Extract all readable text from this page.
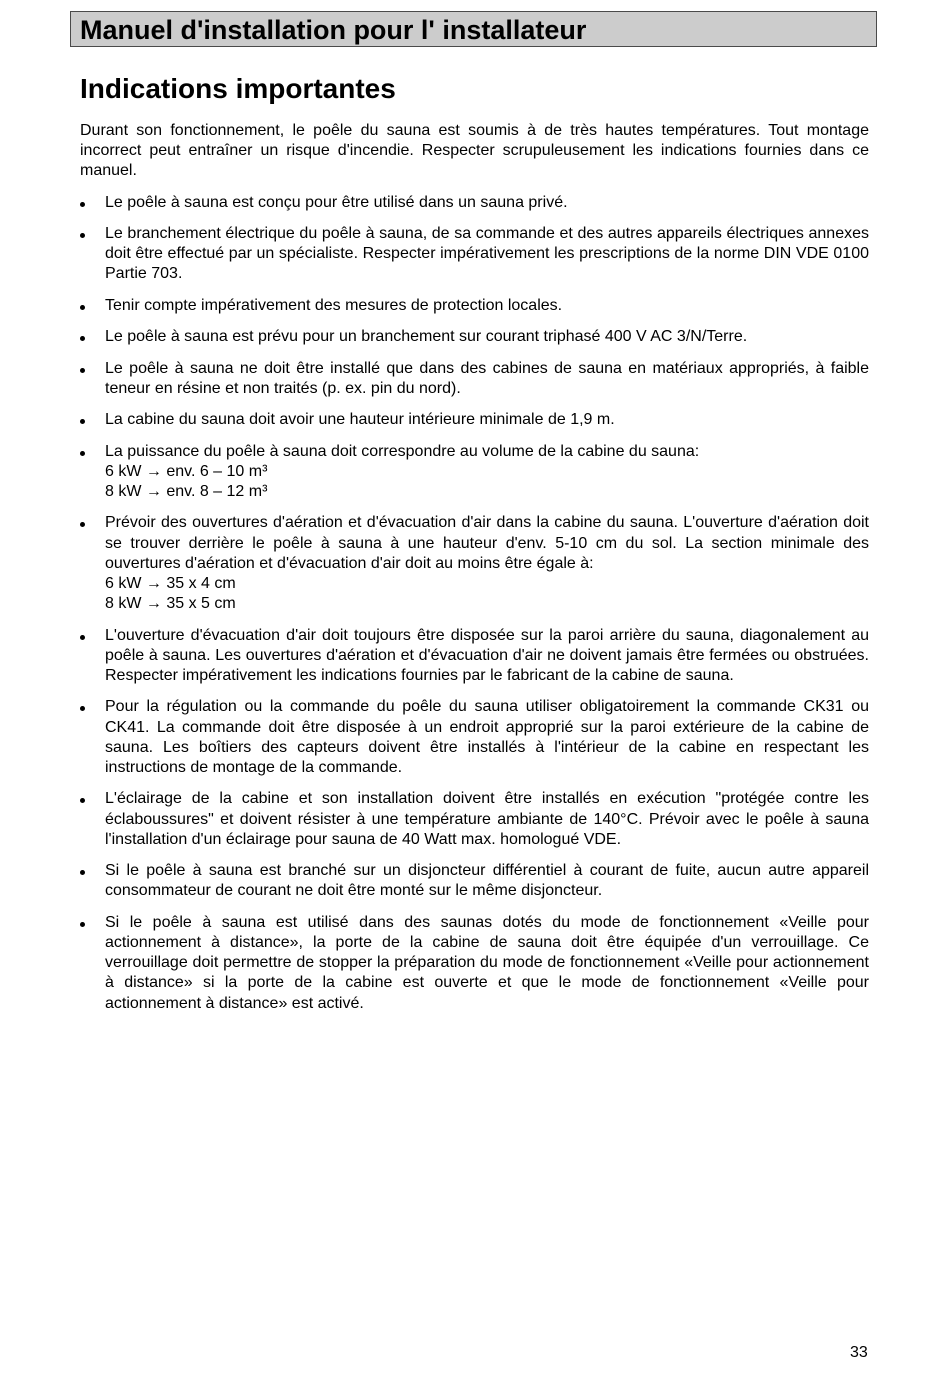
Manuel d'installation pour l' installateur
Indications importantes

Durant son fonctionnement, le poêle du sauna est soumis à de très hautes températures. Tout montage incorrect peut entraîner un risque d'incendie. Respecter scrupuleusement les indications fournies dans ce manuel.

Le poêle à sauna est conçu pour être utilisé dans un sauna privé.
Le branchement électrique du poêle à sauna, de sa commande et des autres appareils électriques annexes doit être effectué par un spécialiste. Respecter impérativement les prescriptions de la norme DIN VDE 0100 Partie 703.
Tenir compte impérativement des mesures de protection locales.
Le poêle à sauna est prévu pour un branchement sur courant triphasé 400 V AC 3/N/Terre.
Le poêle à sauna ne doit être installé que dans des cabines de sauna en matériaux appropriés, à faible teneur en résine et non traités (p. ex. pin du nord).
La cabine du sauna doit avoir une hauteur intérieure minimale de 1,9 m.
La puissance du poêle à sauna doit correspondre au volume de la cabine du sauna:
6 kW → env. 6 – 10 m³
8 kW → env. 8 – 12 m³
Prévoir des ouvertures d'aération et d'évacuation d'air dans la cabine du sauna. L'ouverture d'aération doit se trouver derrière le poêle à sauna à une hauteur d'env. 5-10 cm du sol. La section minimale des ouvertures d'aération et d'évacuation d'air doit au moins être égale à:
6 kW → 35 x 4 cm
8 kW → 35 x 5 cm
L'ouverture d'évacuation d'air doit toujours être disposée sur la paroi arrière du sauna, diagonalement au poêle à sauna. Les ouvertures d'aération et d'évacuation d'air ne doivent jamais être fermées ou obstruées. Respecter impérativement les indications fournies par le fabricant de la cabine de sauna.
Pour la régulation ou la commande du poêle du sauna utiliser obligatoirement la commande CK31 ou CK41. La commande doit être disposée à un endroit approprié sur la paroi extérieure de la cabine de sauna. Les boîtiers des capteurs doivent être installés à l'intérieur de la cabine en respectant les instructions de montage de la commande.
L'éclairage de la cabine et son installation doivent être installés en exécution "protégée contre les éclaboussures" et doivent résister à une température ambiante de 140°C. Prévoir avec le poêle à sauna l'installation d'un éclairage pour sauna de 40 Watt max. homologué VDE.
Si le poêle à sauna est branché sur un disjoncteur différentiel à courant de fuite, aucun autre appareil consommateur de courant ne doit être monté sur le même disjoncteur.
Si le poêle à sauna est utilisé dans des saunas dotés du mode de fonctionnement «Veille pour actionnement à distance», la porte de la cabine de sauna doit être équipée d'un verrouillage. Ce verrouillage doit permettre de stopper la préparation du mode de fonctionnement «Veille pour actionnement à distance» si la porte de la cabine est ouverte et que le mode de fonctionnement «Veille pour actionnement à distance» est activé.
33
